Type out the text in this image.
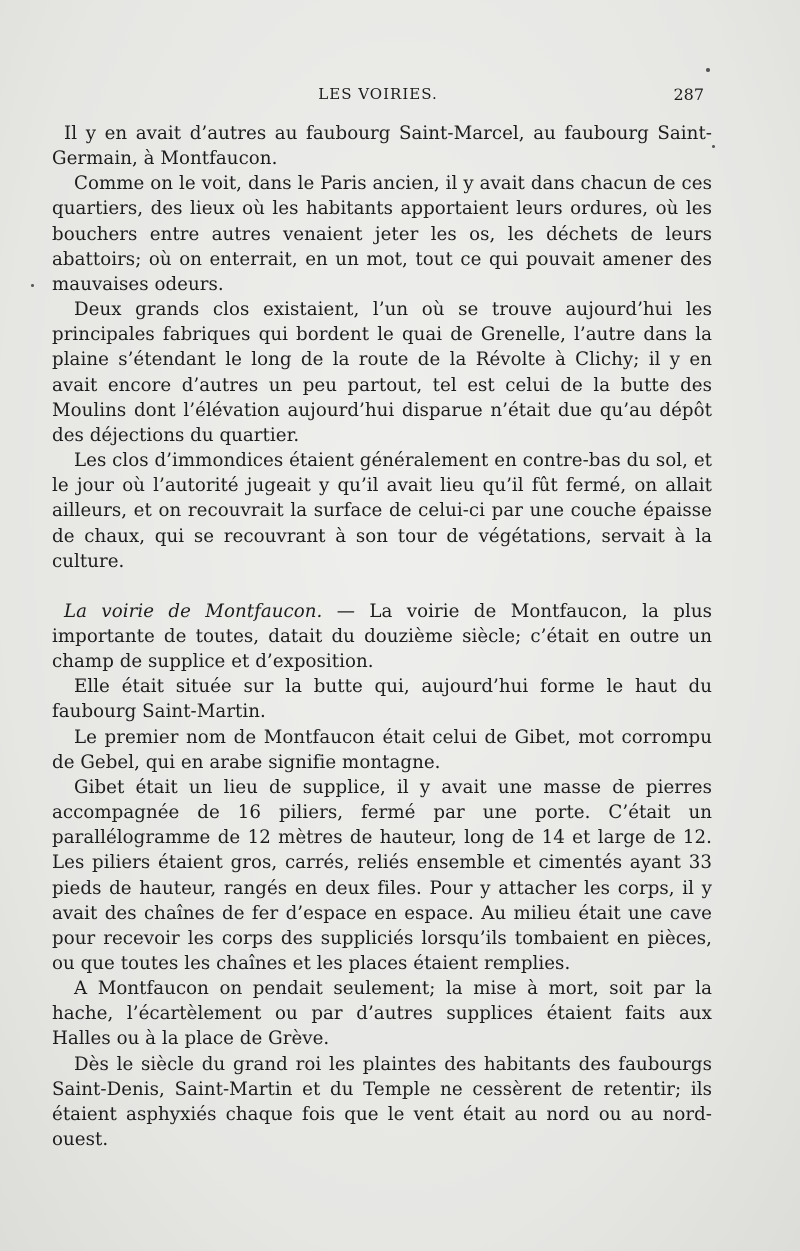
LES VOIRIES.	287

Il y en avait d’autres au faubourg Saint-Marcel, au faubourg Saint-Germain, à Montfaucon.

Comme on le voit, dans le Paris ancien, il y avait dans chacun de ces quartiers, des lieux où les habitants apportaient leurs ordures, où les bouchers entre autres venaient jeter les os, les déchets de leurs abattoirs; où on enterrait, en un mot, tout ce qui pouvait amener des mauvaises odeurs.

Deux grands clos existaient, l’un où se trouve aujourd’hui les principales fabriques qui bordent le quai de Grenelle, l’autre dans la plaine s’étendant le long de la route de la Révolte à Clichy; il y en avait encore d’autres un peu partout, tel est celui de la butte des Moulins dont l’élévation aujourd’hui disparue n’était due qu’au dépôt des déjections du quartier.

Les clos d’immondices étaient généralement en contre-bas du sol, et le jour où l’autorité jugeait y qu’il avait lieu qu’il fût fermé, on allait ailleurs, et on recouvrait la surface de celui-ci par une couche épaisse de chaux, qui se recouvrant à son tour de végétations, servait à la culture.

La voirie de Montfaucon. — La voirie de Montfaucon, la plus importante de toutes, datait du douzième siècle; c’était en outre un champ de supplice et d’exposition.

Elle était située sur la butte qui, aujourd’hui forme le haut du faubourg Saint-Martin.

Le premier nom de Montfaucon était celui de Gibet, mot corrompu de Gebel, qui en arabe signifie montagne.

Gibet était un lieu de supplice, il y avait une masse de pierres accompagnée de 16 piliers, fermé par une porte. C’était un parallélogramme de 12 mètres de hauteur, long de 14 et large de 12. Les piliers étaient gros, carrés, reliés ensemble et cimentés ayant 33 pieds de hauteur, rangés en deux files. Pour y attacher les corps, il y avait des chaînes de fer d’espace en espace. Au milieu était une cave pour recevoir les corps des suppliciés lorsqu’ils tombaient en pièces, ou que toutes les chaînes et les places étaient remplies.

A Montfaucon on pendait seulement; la mise à mort, soit par la hache, l’écartèlement ou par d’autres supplices étaient faits aux Halles ou à la place de Grève.

Dès le siècle du grand roi les plaintes des habitants des faubourgs Saint-Denis, Saint-Martin et du Temple ne cessèrent de retentir; ils étaient asphyxiés chaque fois que le vent était au nord ou au nord-ouest.
